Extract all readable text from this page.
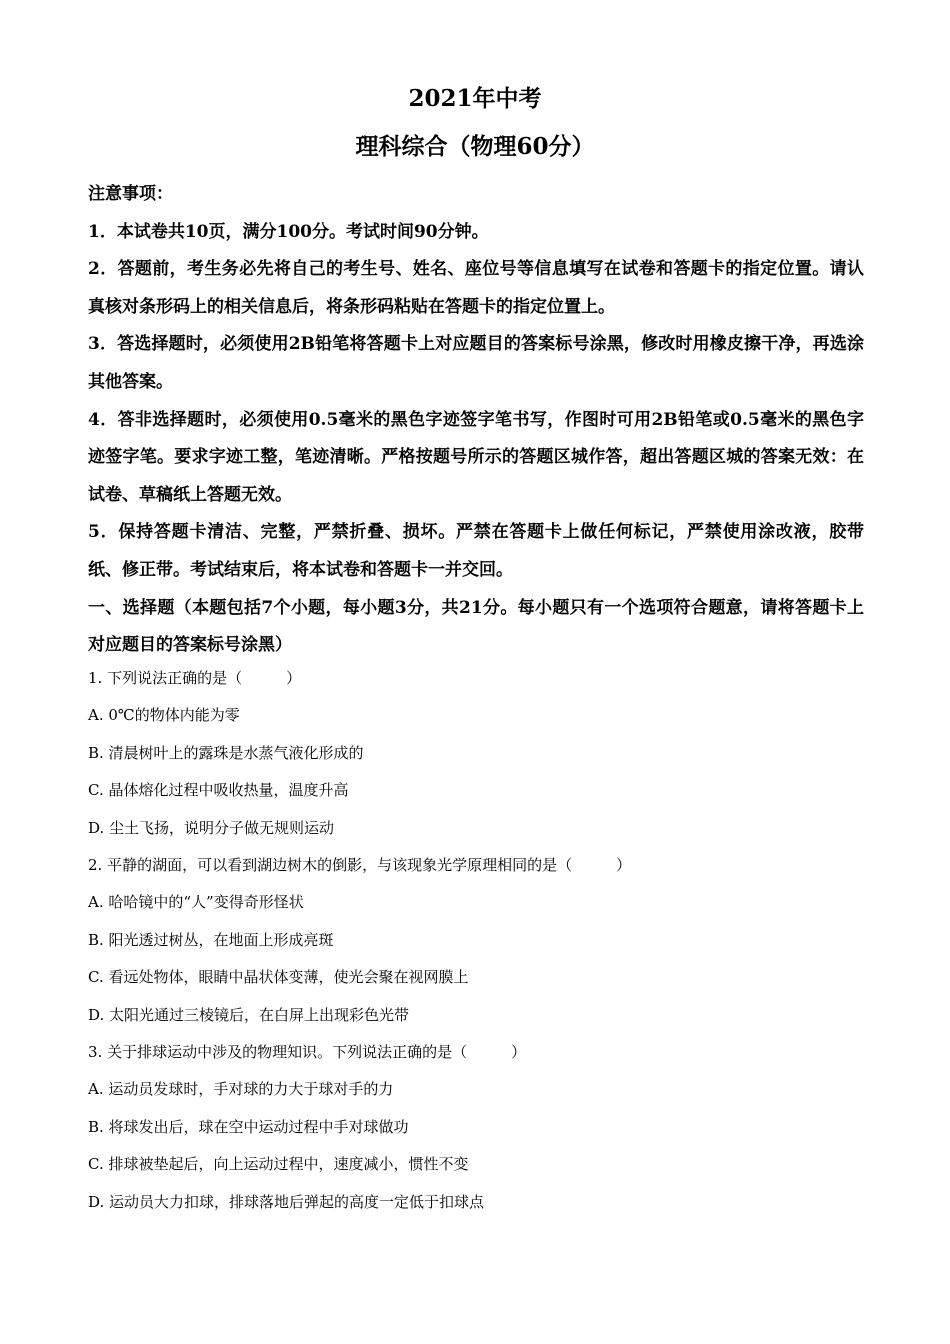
2021年中考
理科综合（物理60分）

注意事项：

1．本试卷共10页，满分100分。考试时间90分钟。

2．答题前，考生务必先将自己的考生号、姓名、座位号等信息填写在试卷和答题卡的指定位置。请认真核对条形码上的相关信息后，将条形码粘贴在答题卡的指定位置上。

3．答选择题时，必须使用2B铅笔将答题卡上对应题目的答案标号涂黑，修改时用橡皮擦干净，再选涂其他答案。

4．答非选择题时，必须使用0.5毫米的黑色字迹签字笔书写，作图时可用2B铅笔或0.5毫米的黑色字迹签字笔。要求字迹工整，笔迹清晰。严格按题号所示的答题区城作答，超出答题区城的答案无效：在试卷、草稿纸上答题无效。

5．保持答题卡清洁、完整，严禁折叠、损坏。严禁在答题卡上做任何标记，严禁使用涂改液，胶带纸、修正带。考试结束后，将本试卷和答题卡一并交回。

一、选择题（本题包括7个小题，每小题3分，共21分。每小题只有一个选项符合题意，请将答题卡上对应题目的答案标号涂黑）

1. 下列说法正确的是（	）

A. 0℃的物体内能为零

B. 清晨树叶上的露珠是水蒸气液化形成的

C. 晶体熔化过程中吸收热量，温度升高

D. 尘土飞扬，说明分子做无规则运动

2. 平静的湖面，可以看到湖边树木的倒影，与该现象光学原理相同的是（	）

A. 哈哈镜中的“人”变得奇形怪状

B. 阳光透过树丛，在地面上形成亮斑

C. 看远处物体，眼睛中晶状体变薄，使光会聚在视网膜上

D. 太阳光通过三棱镜后，在白屏上出现彩色光带

3. 关于排球运动中涉及的物理知识。下列说法正确的是（	）

A. 运动员发球时，手对球的力大于球对手的力

B. 将球发出后，球在空中运动过程中手对球做功

C. 排球被垫起后，向上运动过程中，速度减小，惯性不变

D. 运动员大力扣球，排球落地后弹起的高度一定低于扣球点
